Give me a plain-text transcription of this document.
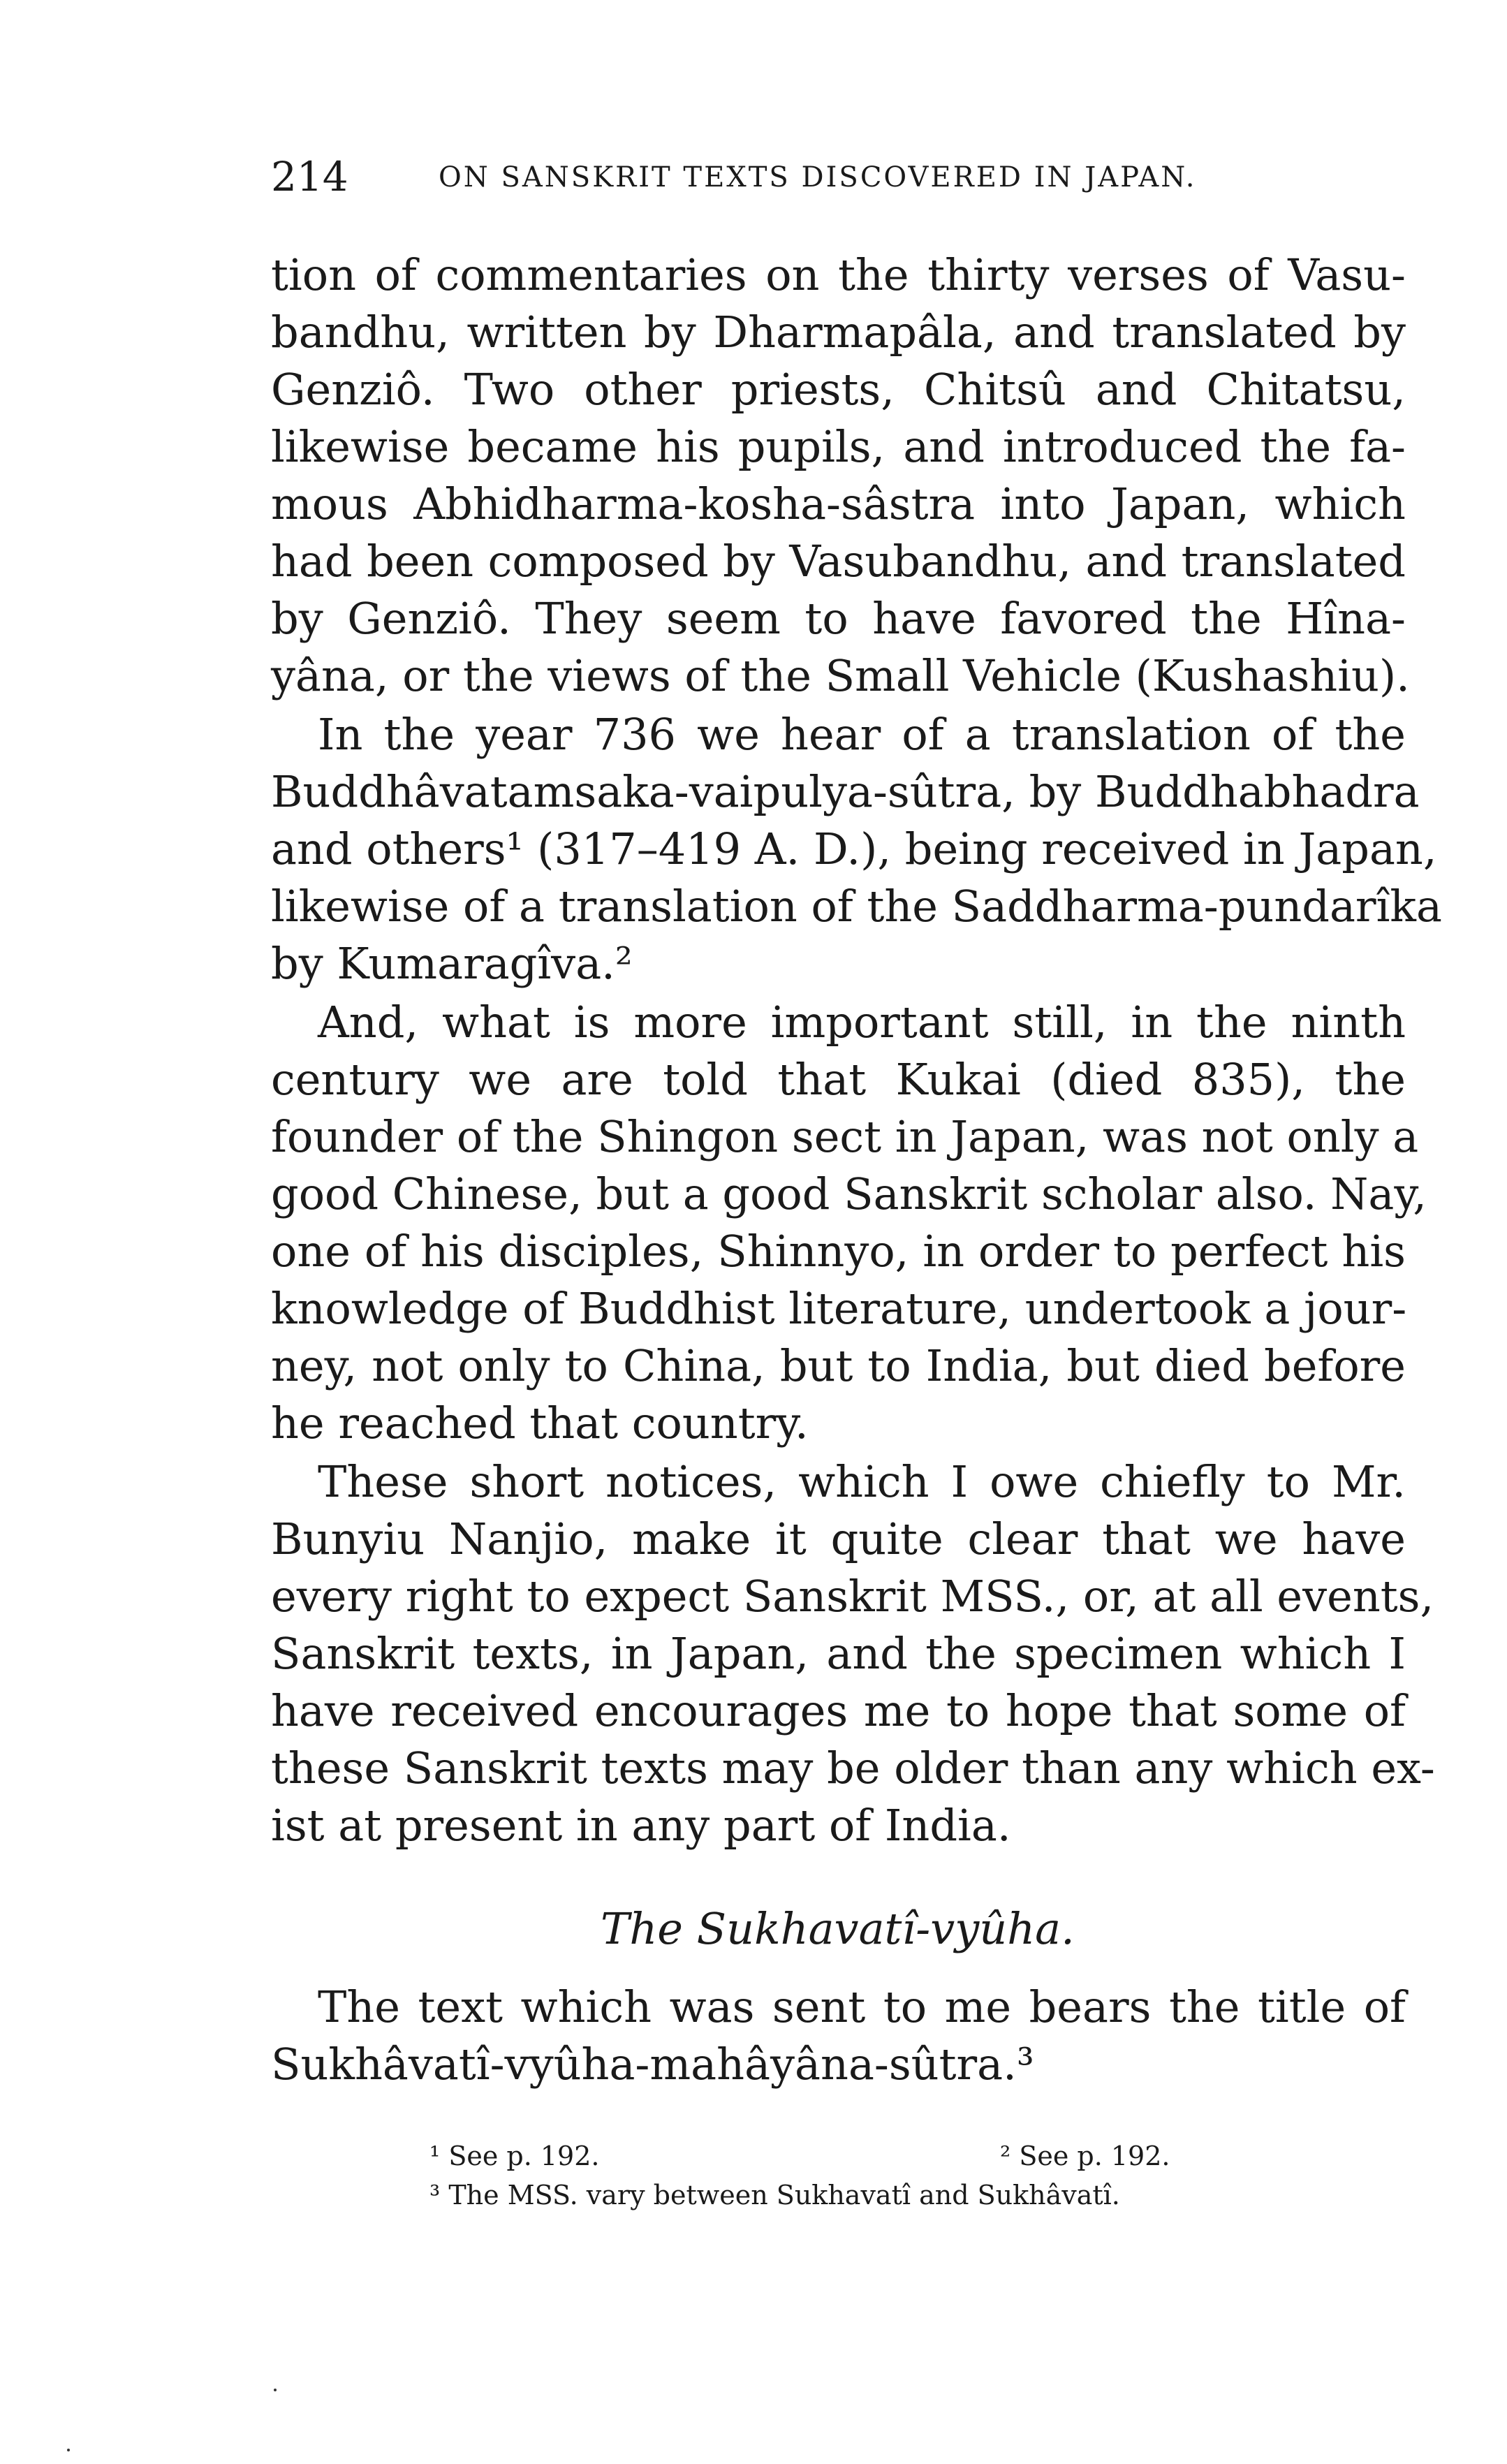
214	ON SANSKRIT TEXTS DISCOVERED IN JAPAN.
tion of commentaries on the thirty verses of Vasu-
bandhu, written by Dharmapâla, and translated by
Genziô. Two other priests, Chitsû and Chitatsu,
likewise became his pupils, and introduced the fa-
mous Abhidharma-kosha-sâstra into Japan, which
had been composed by Vasubandhu, and translated
by Genziô. They seem to have favored the Hîna-
yâna, or the views of the Small Vehicle (Kushashiu).
In the year 736 we hear of a translation of the
Buddhâvatamsaka-vaipulya-sûtra, by Buddhabhadra
and others¹ (317–419 A. D.), being received in Japan,
likewise of a translation of the Saddharma-pundarîka
by Kumaragîva.²
And, what is more important still, in the ninth
century we are told that Kukai (died 835), the
founder of the Shingon sect in Japan, was not only a
good Chinese, but a good Sanskrit scholar also. Nay,
one of his disciples, Shinnyo, in order to perfect his
knowledge of Buddhist literature, undertook a jour-
ney, not only to China, but to India, but died before
he reached that country.
These short notices, which I owe chiefly to Mr.
Bunyiu Nanjio, make it quite clear that we have
every right to expect Sanskrit MSS., or, at all events,
Sanskrit texts, in Japan, and the specimen which I
have received encourages me to hope that some of
these Sanskrit texts may be older than any which ex-
ist at present in any part of India.
The Sukhavatî-vyûha.
The text which was sent to me bears the title of
Sukhâvatî-vyûha-mahâyâna-sûtra.³
¹ See p. 192.	² See p. 192.
³ The MSS. vary between Sukhavatî and Sukhâvatî.
